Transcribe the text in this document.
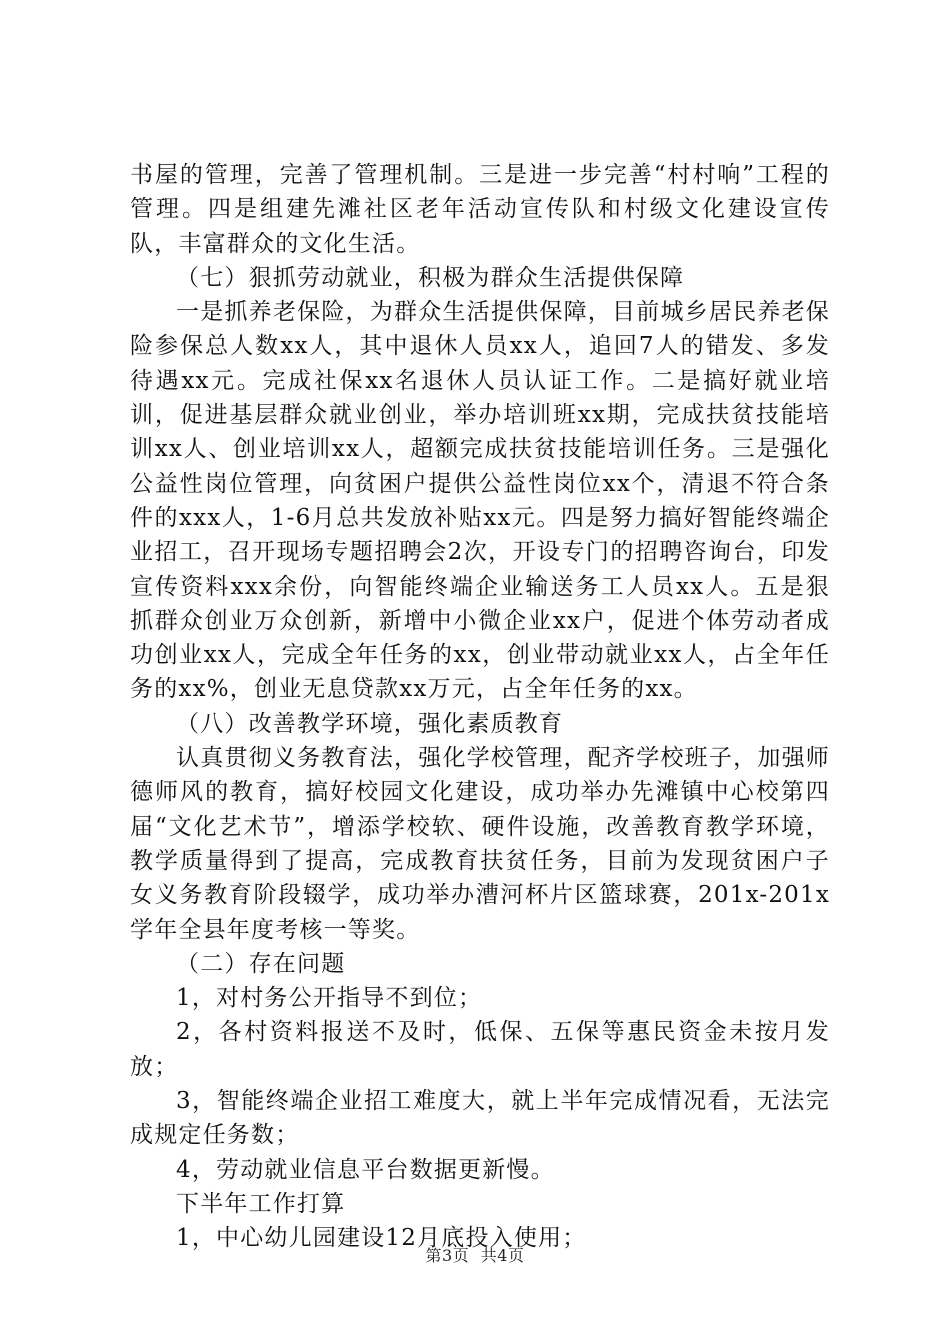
书屋的管理，完善了管理机制。三是进一步完善“村村响”工程的管理。四是组建先滩社区老年活动宣传队和村级文化建设宣传队，丰富群众的文化生活。

（七）狠抓劳动就业，积极为群众生活提供保障

一是抓养老保险，为群众生活提供保障，目前城乡居民养老保险参保总人数xx人，其中退休人员xx人，追回7人的错发、多发待遇xx元。完成社保xx名退休人员认证工作。二是搞好就业培训，促进基层群众就业创业，举办培训班xx期，完成扶贫技能培训xx人、创业培训xx人，超额完成扶贫技能培训任务。三是强化公益性岗位管理，向贫困户提供公益性岗位xx个，清退不符合条件的xxx人，1-6月总共发放补贴xx元。四是努力搞好智能终端企业招工，召开现场专题招聘会2次，开设专门的招聘咨询台，印发宣传资料xxx余份，向智能终端企业输送务工人员xx人。五是狠抓群众创业万众创新，新增中小微企业xx户，促进个体劳动者成功创业xx人，完成全年任务的xx，创业带动就业xx人，占全年任务的xx%，创业无息贷款xx万元，占全年任务的xx。

（八）改善教学环境，强化素质教育

认真贯彻义务教育法，强化学校管理，配齐学校班子，加强师德师风的教育，搞好校园文化建设，成功举办先滩镇中心校第四届“文化艺术节”，增添学校软、硬件设施，改善教育教学环境，教学质量得到了提高，完成教育扶贫任务，目前为发现贫困户子女义务教育阶段辍学，成功举办漕河杯片区篮球赛，201x-201x学年全县年度考核一等奖。

（二）存在问题

1，对村务公开指导不到位；

2，各村资料报送不及时，低保、五保等惠民资金未按月发放；

3，智能终端企业招工难度大，就上半年完成情况看，无法完成规定任务数；

4，劳动就业信息平台数据更新慢。

下半年工作打算

1，中心幼儿园建设12月底投入使用；

第3页 共4页
